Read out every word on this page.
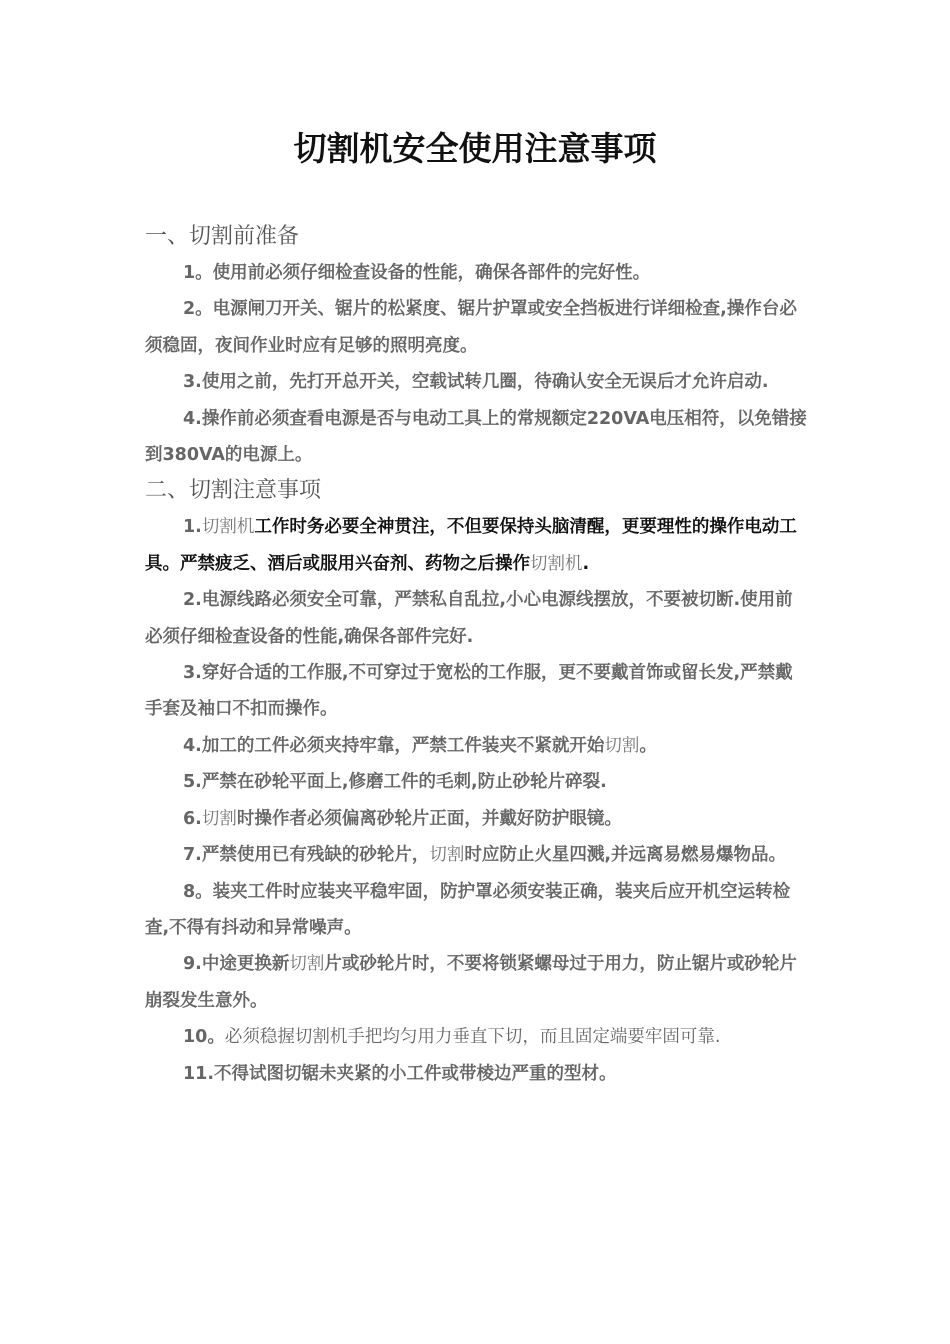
切割机安全使用注意事项
一、切割前准备

1。使用前必须仔细检查设备的性能，确保各部件的完好性。

2。电源闸刀开关、锯片的松紧度、锯片护罩或安全挡板进行详细检查,操作台必须稳固，夜间作业时应有足够的照明亮度。

3.使用之前，先打开总开关，空载试转几圈，待确认安全无误后才允许启动.

4.操作前必须查看电源是否与电动工具上的常规额定220VA电压相符，以免错接到380VA的电源上。

二、切割注意事项

1.切割机工作时务必要全神贯注，不但要保持头脑清醒，更要理性的操作电动工具。严禁疲乏、酒后或服用兴奋剂、药物之后操作切割机.

2.电源线路必须安全可靠，严禁私自乱拉,小心电源线摆放，不要被切断.使用前必须仔细检查设备的性能,确保各部件完好.

3.穿好合适的工作服,不可穿过于宽松的工作服，更不要戴首饰或留长发,严禁戴手套及袖口不扣而操作。

4.加工的工件必须夹持牢靠，严禁工件装夹不紧就开始切割。

5.严禁在砂轮平面上,修磨工件的毛刺,防止砂轮片碎裂.

6.切割时操作者必须偏离砂轮片正面，并戴好防护眼镜。

7.严禁使用已有残缺的砂轮片，切割时应防止火星四溅,并远离易燃易爆物品。

8。装夹工件时应装夹平稳牢固，防护罩必须安装正确，装夹后应开机空运转检查,不得有抖动和异常噪声。

9.中途更换新切割片或砂轮片时，不要将锁紧螺母过于用力，防止锯片或砂轮片崩裂发生意外。

10。必须稳握切割机手把均匀用力垂直下切，而且固定端要牢固可靠.

11.不得试图切锯未夹紧的小工件或带棱边严重的型材。
